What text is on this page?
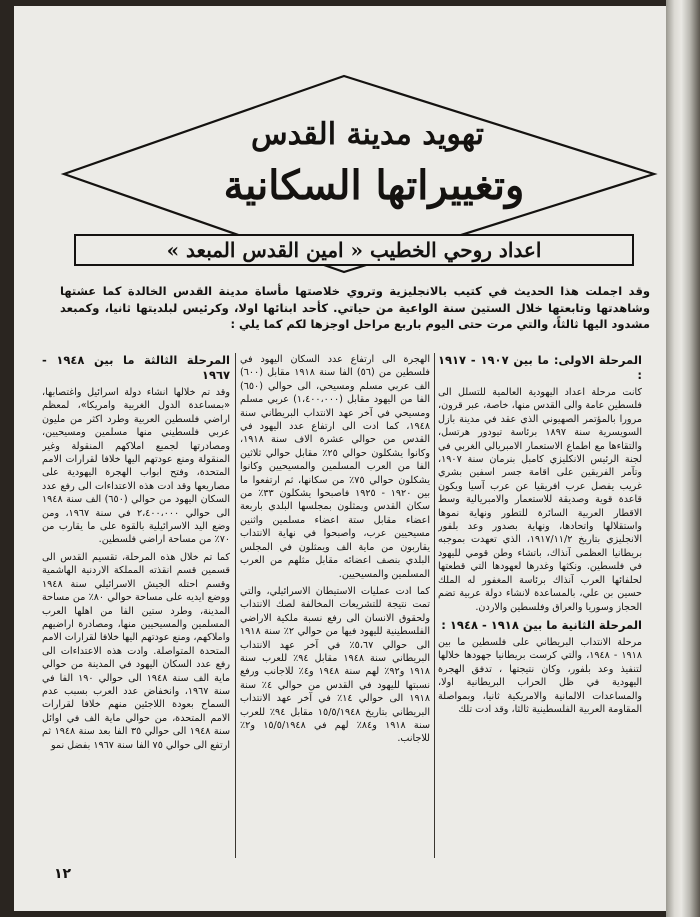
تهويد مدينة القدس
وتغييراتها السكانية
اعداد روحي الخطيب « امين القدس المبعد »
وقد اجملت هذا الحديث في كتيب بالانجليزية وتروي خلاصتها مأساة مدينة القدس الخالدة كما عشتها وشاهدتها وتابعتها خلال الستين سنة الواعية من حياتي. كأحد ابنائها اولا، وكرئيس لبلديتها ثانيا، وكمبعد مشدود اليها ثالثاً، والتي مرت حتى اليوم باربع مراحل اوجزها لكم كما يلي :

المرحلة الاولى: ما بين ١٩٠٧ - ١٩١٧ :

كانت مرحلة اعداد اليهودية العالمية للتسلل الى فلسطين عامة والى القدس منها، خاصة، عبر قرون، مرورا بالمؤتمر الصهيوني الذي عقد في مدينة بازل السويسرية سنة ١٨٩٧ برئاسة تيودور هرتسل، والتقاءها مع اطماع الاستعمار الامبريالي الغربي في لجنة الرئيس الانكليزي كامبل بنرمان سنة ١٩٠٧، وتآمر الفريقين على اقامة جسر اسفين بشري غريب يفصل عرب افريقيا عن عرب آسيا ويكون قاعدة قوية وصديقة للاستعمار والامبريالية وسط الاقطار العربية السائرة للتطور ونهاية نموها واستقلالها واتحادها، ونهاية بصدور وعد بلفور الانجليزي بتاريخ ١٩١٧/١١/٢، الذي تعهدت بموجبه بريطانيا العظمى آنذاك، باتشاء وطن قومي لليهود في فلسطين. ونكثها وغدرها لعهودها التي قطعتها لحلفائها العرب آنذاك برئاسة المغفور له الملك حسين بن علي، بالمساعدة لانشاء دولة عربية تضم الحجاز وسوريا والعراق وفلسطين والاردن.

المرحلة الثانية ما بين ١٩١٨ - ١٩٤٨ :

مرحلة الانتداب البريطاني على فلسطين ما بين ١٩١٨ - ١٩٤٨، والتي كرست بريطانيا جهودها خلالها لتنفيذ وعد بلفور، وكان نتيجتها ، تدفق الهجرة اليهودية في ظل الحراب البريطانية اولا، والمساعدات الالمانية والامريكية ثانيا، وبمواصلة المقاومة العربية الفلسطينية ثالثا، وقد ادت تلك

الهجرة الى ارتفاع عدد السكان اليهود في فلسطين من (٥٦) الفا سنة ١٩١٨ مقابل (٦٠٠) الف عربي مسلم ومسيحي، الى حوالي (٦٥٠) الفا من اليهود مقابل (١،٤٠٠،٠٠٠) عربي مسلم ومسيحي في آخر عهد الانتداب البريطاني سنة ١٩٤٨، كما ادت الى ارتفاع عدد اليهود في القدس من حوالي عشرة الاف سنة ١٩١٨، وكانوا يشكلون حوالي ٢٥٪ مقابل حوالي ثلاثين الفا من العرب المسلمين والمسيحيين وكانوا يشكلون حوالي ٧٥٪ من سكانها، ثم ارتفعوا ما بين ١٩٢٠ - ١٩٢٥ فاصبحوا يشكلون ٣٣٪ من سكان القدس ويمثلون بمجلسها البلدي باربعة اعضاء مقابل ستة اعضاء مسلمين واثنين مسيحيين عرب، واصبحوا في نهاية الانتداب يقاربون من ماية الف ويمثلون في المجلس البلدي بنصف اعضائه مقابل مثلهم من العرب المسلمين والمسيحيين.

كما ادت عمليات الاستيطان الاسرائيلي، والتي تمت نتيجة للتشريعات المخالفة لصك الانتداب ولحقوق الانسان الى رفع نسبة ملكية الاراضي الفلسطينية لليهود فيها من حوالي ٢٪ سنة ١٩١٨ الى حوالي ٥،٦٧٪ في آخر عهد الانتداب البريطاني سنة ١٩٤٨ مقابل ٩٤٪ للعرب سنة ١٩١٨ و٩٢٪ لهم سنة ١٩٤٨ و٤٪ للاجانب ورفع نسبتها لليهود في القدس من حوالي ٤٪ سنة ١٩١٨ الى حوالي ١٤٪ في آخر عهد الانتداب البريطاني بتاريخ ١٥/٥/١٩٤٨ مقابل ٩٤٪ للعرب سنة ١٩١٨ و٨٤٪ لهم في ١٥/٥/١٩٤٨ و٢٪ للاجانب.

المرحلة الثالثة ما بين ١٩٤٨ - ١٩٦٧

وقد تم خلالها انشاء دولة اسرائيل واغتصابها، «بمساعدة الدول الغربية وامريكا»، لمعظم اراضي فلسطين العربية وطرد اكثر من مليون عربي فلسطيني منها مسلمين ومسيحيين، ومصادرتها لجميع املاكهم المنقولة وغير المنقولة ومنع عودتهم اليها خلافا لقرارات الامم المتحدة، وفتح ابواب الهجرة اليهودية على مصاريعها وقد ادت هذه الاعتداءات الى رفع عدد السكان اليهود من حوالي (٦٥٠) الف سنة ١٩٤٨ الى حوالي ٢،٤٠٠،٠٠٠ في سنة ١٩٦٧، ومن وضع اليد الاسرائيلية بالقوة على ما يقارب من ٧٠٪ من مساحة اراضي فلسطين.

كما تم خلال هذه المرحلة، تقسيم القدس الى قسمين قسم انقذته المملكة الاردنية الهاشمية وقسم احتله الجيش الاسرائيلي سنة ١٩٤٨ ووضع ايديه على مساحة حوالي ٨٠٪ من مساحة المدينة، وطرد ستين الفا من اهلها العرب المسلمين والمسيحيين منها، ومصادرة اراضيهم واملاكهم، ومنع عودتهم اليها خلافا لقرارات الامم المتحدة المتواصلة. وادت هذه الاعتداءات الى رفع عدد السكان اليهود في المدينة من حوالي ماية الف سنة ١٩٤٨ الى حوالي ١٩٠ الفا في سنة ١٩٦٧، وانخفاض عدد العرب بسبب عدم السماح بعودة اللاجئين منهم خلافا لقرارات الامم المتحدة، من حوالي ماية الف في اوائل سنة ١٩٤٨ الى حوالي ٣٥ الفا بعد سنة ١٩٤٨ ثم ارتفع الى حوالي ٧٥ الفا سنة ١٩٦٧ بفضل نمو

١٢
